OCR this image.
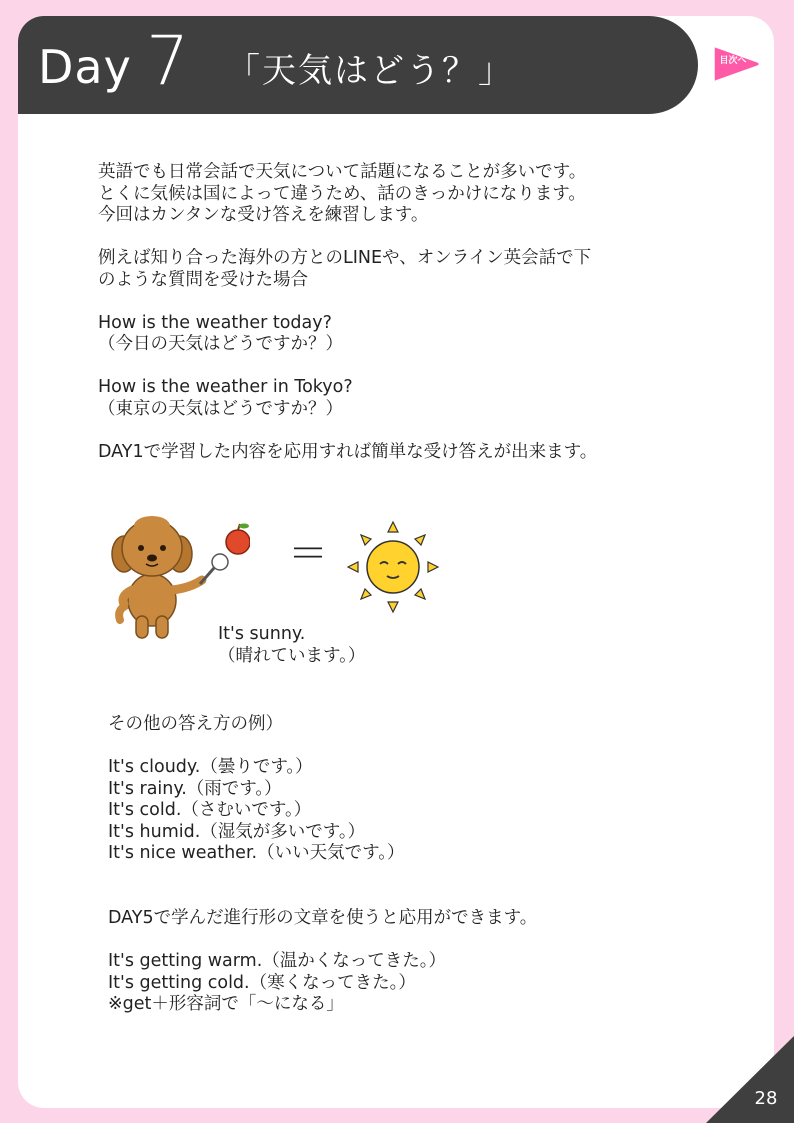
Day 7 「天気はどう？」	目次へ

英語でも日常会話で天気について話題になることが多いです。

とくに気候は国によって違うため、話のきっかけになります。

今回はカンタンな受け答えを練習します。

例えば知り合った海外の方とのLINEや、オンライン英会話で下

のような質問を受けた場合

How is the weather today?

（今日の天気はどうですか？）

How is the weather in Tokyo?

（東京の天気はどうですか？）

DAY1で学習した内容を応用すれば簡単な受け答えが出来ます。

＝
It's sunny.
（晴れています。）

その他の答え方の例）

It's cloudy.（曇りです。）

It's rainy.（雨です。）

It's cold.（さむいです。）

It's humid.（湿気が多いです。）

It's nice weather.（いい天気です。）

DAY5で学んだ進行形の文章を使うと応用ができます。

It's getting warm.（温かくなってきた。）

It's getting cold.（寒くなってきた。）

※get＋形容詞で「～になる」

28
